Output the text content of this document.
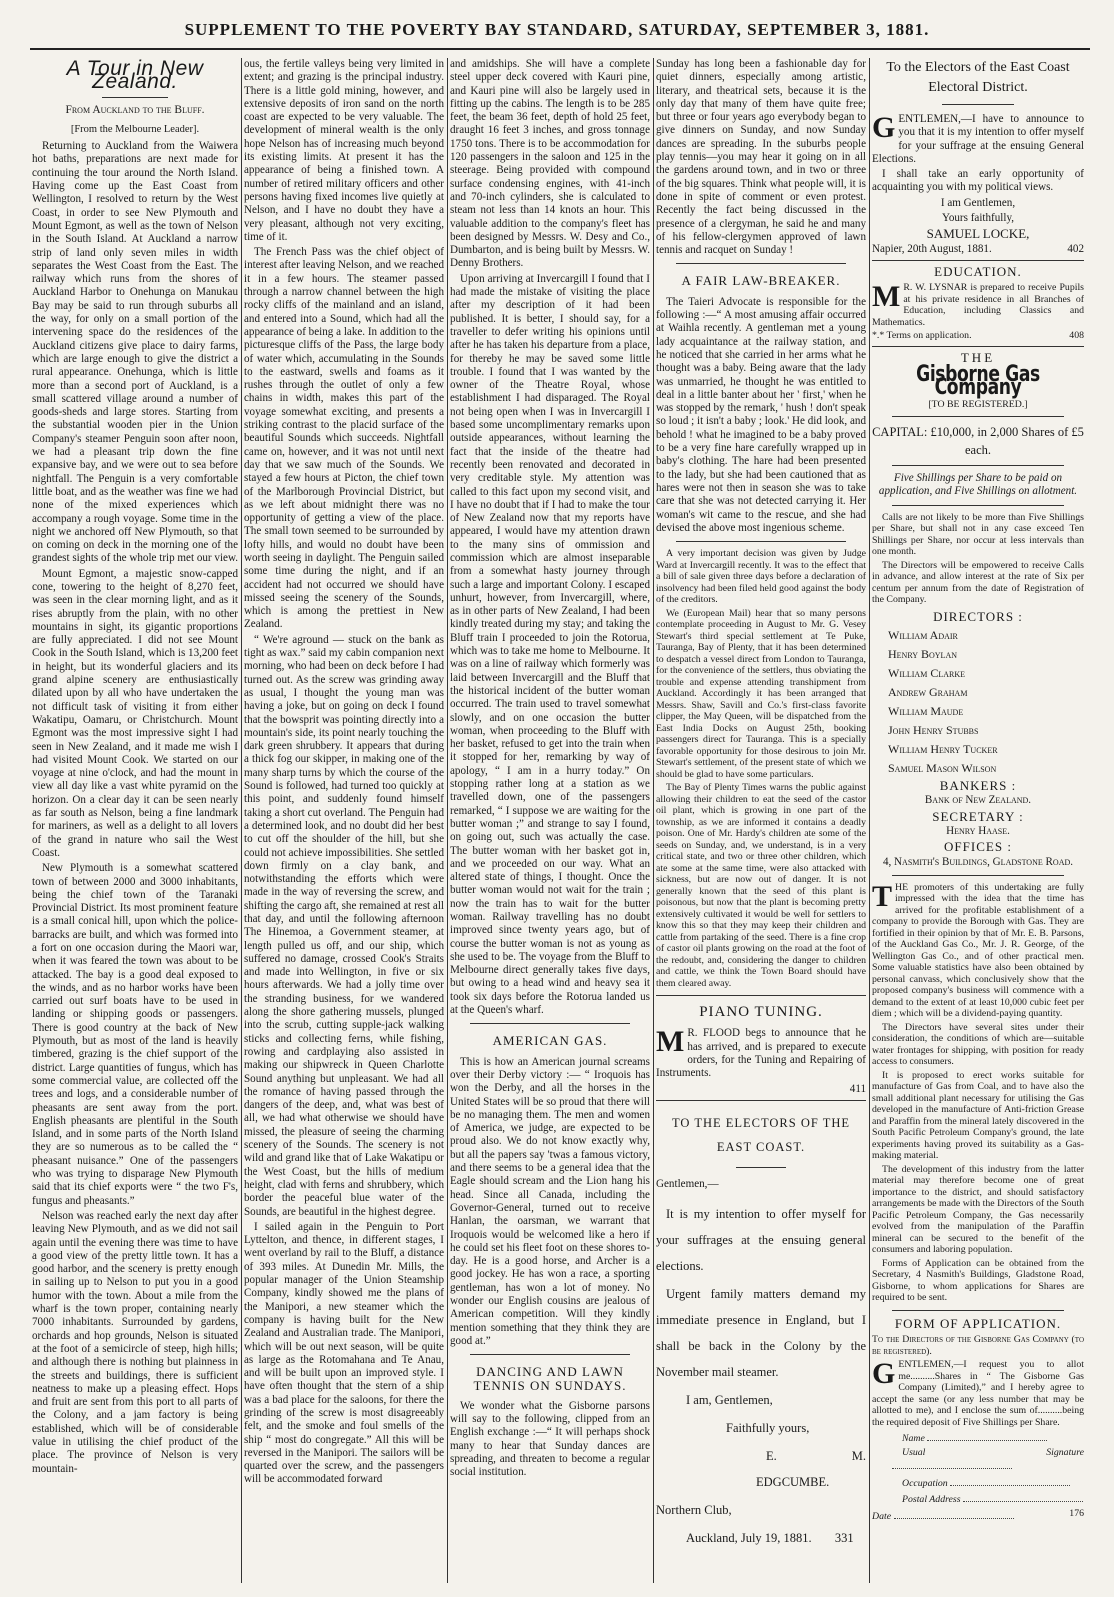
SUPPLEMENT TO THE POVERTY BAY STANDARD, SATURDAY, SEPTEMBER 3, 1881.
A Tour in New Zealand.

From Auckland to the Bluff.

[From the Melbourne Leader].

Returning to Auckland from the Waiwera hot baths, preparations are next made for continuing the tour around the North Island. Having come up the East Coast from Wellington, I resolved to return by the West Coast, in order to see New Plymouth and Mount Egmont, as well as the town of Nelson in the South Island. At Auckland a narrow strip of land only seven miles in width separates the West Coast from the East. The railway which runs from the shores of Auckland Harbor to Onehunga on Manukau Bay may be said to run through suburbs all the way, for only on a small portion of the intervening space do the residences of the Auckland citizens give place to dairy farms, which are large enough to give the district a rural appearance. Onehunga, which is little more than a second port of Auckland, is a small scattered village around a number of goods-sheds and large stores. Starting from the substantial wooden pier in the Union Company's steamer Penguin soon after noon, we had a pleasant trip down the fine expansive bay, and we were out to sea before nightfall. The Penguin is a very comfortable little boat, and as the weather was fine we had none of the mixed experiences which accompany a rough voyage. Some time in the night we anchored off New Plymouth, so that on coming on deck in the morning one of the grandest sights of the whole trip met our view.

Mount Egmont, a majestic snow-capped cone, towering to the height of 8,270 feet, was seen in the clear morning light, and as it rises abruptly from the plain, with no other mountains in sight, its gigantic proportions are fully appreciated. I did not see Mount Cook in the South Island, which is 13,200 feet in height, but its wonderful glaciers and its grand alpine scenery are enthusiastically dilated upon by all who have undertaken the not difficult task of visiting it from either Wakatipu, Oamaru, or Christchurch. Mount Egmont was the most impressive sight I had seen in New Zealand, and it made me wish I had visited Mount Cook. We started on our voyage at nine o'clock, and had the mount in view all day like a vast white pyramid on the horizon. On a clear day it can be seen nearly as far south as Nelson, being a fine landmark for mariners, as well as a delight to all lovers of the grand in nature who sail the West Coast.

New Plymouth is a somewhat scattered town of between 2000 and 3000 inhabitants, being the chief town of the Taranaki Provincial District. Its most prominent feature is a small conical hill, upon which the police-barracks are built, and which was formed into a fort on one occasion during the Maori war, when it was feared the town was about to be attacked. The bay is a good deal exposed to the winds, and as no harbor works have been carried out surf boats have to be used in landing or shipping goods or passengers. There is good country at the back of New Plymouth, but as most of the land is heavily timbered, grazing is the chief support of the district. Large quantities of fungus, which has some commercial value, are collected off the trees and logs, and a considerable number of pheasants are sent away from the port. English pheasants are plentiful in the South Island, and in some parts of the North Island they are so numerous as to be called the “ pheasant nuisance.” One of the passengers who was trying to disparage New Plymouth said that its chief exports were “ the two F's, fungus and pheasants.”

Nelson was reached early the next day after leaving New Plymouth, and as we did not sail again until the evening there was time to have a good view of the pretty little town. It has a good harbor, and the scenery is pretty enough in sailing up to Nelson to put you in a good humor with the town. About a mile from the wharf is the town proper, containing nearly 7000 inhabitants. Surrounded by gardens, orchards and hop grounds, Nelson is situated at the foot of a semicircle of steep, high hills; and although there is nothing but plainness in the streets and buildings, there is sufficient neatness to make up a pleasing effect. Hops and fruit are sent from this port to all parts of the Colony, and a jam factory is being established, which will be of considerable value in utilising the chief product of the place. The province of Nelson is very mountain-

ous, the fertile valleys being very limited in extent; and grazing is the principal industry. There is a little gold mining, however, and extensive deposits of iron sand on the north coast are expected to be very valuable. The development of mineral wealth is the only hope Nelson has of increasing much beyond its existing limits. At present it has the appearance of being a finished town. A number of retired military officers and other persons having fixed incomes live quietly at Nelson, and I have no doubt they have a very pleasant, although not very exciting, time of it.

The French Pass was the chief object of interest after leaving Nelson, and we reached it in a few hours. The steamer passed through a narrow channel between the high rocky cliffs of the mainland and an island, and entered into a Sound, which had all the appearance of being a lake. In addition to the picturesque cliffs of the Pass, the large body of water which, accumulating in the Sounds to the eastward, swells and foams as it rushes through the outlet of only a few chains in width, makes this part of the voyage somewhat exciting, and presents a striking contrast to the placid surface of the beautiful Sounds which succeeds. Nightfall came on, however, and it was not until next day that we saw much of the Sounds. We stayed a few hours at Picton, the chief town of the Marlborough Provincial District, but as we left about midnight there was no opportunity of getting a view of the place. The small town seemed to be surrounded by lofty hills, and would no doubt have been worth seeing in daylight. The Penguin sailed some time during the night, and if an accident had not occurred we should have missed seeing the scenery of the Sounds, which is among the prettiest in New Zealand.

“ We're aground — stuck on the bank as tight as wax.” said my cabin companion next morning, who had been on deck before I had turned out. As the screw was grinding away as usual, I thought the young man was having a joke, but on going on deck I found that the bowsprit was pointing directly into a mountain's side, its point nearly touching the dark green shrubbery. It appears that during a thick fog our skipper, in making one of the many sharp turns by which the course of the Sound is followed, had turned too quickly at this point, and suddenly found himself taking a short cut overland. The Penguin had a determined look, and no doubt did her best to cut off the shoulder of the hill, but she could not achieve impossibilities. She settled down firmly on a clay bank, and notwithstanding the efforts which were made in the way of reversing the screw, and shifting the cargo aft, she remained at rest all that day, and until the following afternoon The Hinemoa, a Government steamer, at length pulled us off, and our ship, which suffered no damage, crossed Cook's Straits and made into Wellington, in five or six hours afterwards. We had a jolly time over the stranding business, for we wandered along the shore gathering mussels, plunged into the scrub, cutting supple-jack walking sticks and collecting ferns, while fishing, rowing and cardplaying also assisted in making our shipwreck in Queen Charlotte Sound anything but unpleasant. We had all the romance of having passed through the dangers of the deep, and, what was best of all, we had what otherwise we should have missed, the pleasure of seeing the charming scenery of the Sounds. The scenery is not wild and grand like that of Lake Wakatipu or the West Coast, but the hills of medium height, clad with ferns and shrubbery, which border the peaceful blue water of the Sounds, are beautiful in the highest degree.

I sailed again in the Penguin to Port Lyttelton, and thence, in different stages, I went overland by rail to the Bluff, a distance of 393 miles. At Dunedin Mr. Mills, the popular manager of the Union Steamship Company, kindly showed me the plans of the Manipori, a new steamer which the company is having built for the New Zealand and Australian trade. The Manipori, which will be out next season, will be quite as large as the Rotomahana and Te Anau, and will be built upon an improved style. I have often thought that the stern of a ship was a bad place for the saloons, for there the grinding of the screw is most disagreeably felt, and the smoke and foul smells of the ship “ most do congregate.” All this will be reversed in the Manipori. The sailors will be quarted over the screw, and the passengers will be accommodated forward

and amidships. She will have a complete steel upper deck covered with Kauri pine, and Kauri pine will also be largely used in fitting up the cabins. The length is to be 285 feet, the beam 36 feet, depth of hold 25 feet, draught 16 feet 3 inches, and gross tonnage 1750 tons. There is to be accommodation for 120 passengers in the saloon and 125 in the steerage. Being provided with compound surface condensing engines, with 41-inch and 70-inch cylinders, she is calculated to steam not less than 14 knots an hour. This valuable addition to the company's fleet has been designed by Messrs. W. Desy and Co., Dumbarton, and is being built by Messrs. W. Denny Brothers.

Upon arriving at Invercargill I found that I had made the mistake of visiting the place after my description of it had been published. It is better, I should say, for a traveller to defer writing his opinions until after he has taken his departure from a place, for thereby he may be saved some little trouble. I found that I was wanted by the owner of the Theatre Royal, whose establishment I had disparaged. The Royal not being open when I was in Invercargill I based some uncomplimentary remarks upon outside appearances, without learning the fact that the inside of the theatre had recently been renovated and decorated in very creditable style. My attention was called to this fact upon my second visit, and I have no doubt that if I had to make the tour of New Zealand now that my reports have appeared, I would have my attention drawn to the many sins of ommission and commission which are almost inseparable from a somewhat hasty journey through such a large and important Colony. I escaped unhurt, however, from Invercargill, where, as in other parts of New Zealand, I had been kindly treated during my stay; and taking the Bluff train I proceeded to join the Rotorua, which was to take me home to Melbourne. It was on a line of railway which formerly was laid between Invercargill and the Bluff that the historical incident of the butter woman occurred. The train used to travel somewhat slowly, and on one occasion the butter woman, when proceeding to the Bluff with her basket, refused to get into the train when it stopped for her, remarking by way of apology, “ I am in a hurry today.” On stopping rather long at a station as we travelled down, one of the passengers remarked, “ I suppose we are waiting for the butter woman ;” and strange to say I found, on going out, such was actually the case. The butter woman with her basket got in, and we proceeded on our way. What an altered state of things, I thought. Once the butter woman would not wait for the train ; now the train has to wait for the butter woman. Railway travelling has no doubt improved since twenty years ago, but of course the butter woman is not as young as she used to be. The voyage from the Bluff to Melbourne direct generally takes five days, but owing to a head wind and heavy sea it took six days before the Rotorua landed us at the Queen's wharf.

AMERICAN GAS.

This is how an American journal screams over their Derby victory :— “ Iroquois has won the Derby, and all the horses in the United States will be so proud that there will be no managing them. The men and women of America, we judge, are expected to be proud also. We do not know exactly why, but all the papers say 'twas a famous victory, and there seems to be a general idea that the Eagle should scream and the Lion hang his head. Since all Canada, including the Governor-General, turned out to receive Hanlan, the oarsman, we warrant that Iroquois would be welcomed like a hero if he could set his fleet foot on these shores to-day. He is a good horse, and Archer is a good jockey. He has won a race, a sporting gentleman, has won a lot of money. No wonder our English cousins are jealous of American competition. Will they kindly mention something that they think they are good at.”

DANCING AND LAWN TENNIS ON SUNDAYS.

We wonder what the Gisborne parsons will say to the following, clipped from an English exchange :—“ It will perhaps shock many to hear that Sunday dances are spreading, and threaten to become a regular social institution.

Sunday has long been a fashionable day for quiet dinners, especially among artistic, literary, and theatrical sets, because it is the only day that many of them have quite free; but three or four years ago everybody began to give dinners on Sunday, and now Sunday dances are spreading. In the suburbs people play tennis—you may hear it going on in all the gardens around town, and in two or three of the big squares. Think what people will, it is done in spite of comment or even protest. Recently the fact being discussed in the presence of a clergyman, he said he and many of his fellow-clergymen approved of lawn tennis and racquet on Sunday !

A FAIR LAW-BREAKER.

The Taieri Advocate is responsible for the following :—“ A most amusing affair occurred at Waihla recently. A gentleman met a young lady acquaintance at the railway station, and he noticed that she carried in her arms what he thought was a baby. Being aware that the lady was unmarried, he thought he was entitled to deal in a little banter about her ' first,' when he was stopped by the remark, ' hush ! don't speak so loud ; it isn't a baby ; look.' He did look, and behold ! what he imagined to be a baby proved to be a very fine hare carefully wrapped up in baby's clothing. The hare had been presented to the lady, but she had been cautioned that as hares were not then in season she was to take care that she was not detected carrying it. Her woman's wit came to the rescue, and she had devised the above most ingenious scheme.

A very important decision was given by Judge Ward at Invercargill recently. It was to the effect that a bill of sale given three days before a declaration of insolvency had been filed held good against the body of the creditors.

We (European Mail) hear that so many persons contemplate proceeding in August to Mr. G. Vesey Stewart's third special settlement at Te Puke, Tauranga, Bay of Plenty, that it has been determined to despatch a vessel direct from London to Tauranga, for the convenience of the settlers, thus obviating the trouble and expense attending transhipment from Auckland. Accordingly it has been arranged that Messrs. Shaw, Savill and Co.'s first-class favorite clipper, the May Queen, will be dispatched from the East India Docks on August 25th, booking passengers direct for Tauranga. This is a specially favorable opportunity for those desirous to join Mr. Stewart's settlement, of the present state of which we should be glad to have some particulars.

The Bay of Plenty Times warns the public against allowing their children to eat the seed of the castor oil plant, which is growing in one part of the township, as we are informed it contains a deadly poison. One of Mr. Hardy's children ate some of the seeds on Sunday, and, we understand, is in a very critical state, and two or three other children, which ate some at the same time, were also attacked with sickness, but are now out of danger. It is not generally known that the seed of this plant is poisonous, but now that the plant is becoming pretty extensively cultivated it would be well for settlers to know this so that they may keep their children and cattle from partaking of the seed. There is a fine crop of castor oil plants growing on the road at the foot of the redoubt, and, considering the danger to children and cattle, we think the Town Board should have them cleared away.

PIANO TUNING.

M R. FLOOD begs to announce that he has arrived, and is prepared to execute orders, for the Tuning and Repairing of Instruments.

411

TO THE ELECTORS OF THE EAST COAST.

Gentlemen,—

It is my intention to offer myself for your suffrages at the ensuing general elections.

Urgent family matters demand my immediate presence in England, but I shall be back in the Colony by the November mail steamer.

I am, Gentlemen,

Faithfully yours,

E. M. EDGCUMBE.

Northern Club,

Auckland, July 19, 1881. 331

To the Electors of the East Coast Electoral District.

GENTLEMEN,—I have to announce to you that it is my intention to offer myself for your suffrage at the ensuing General Elections.

I shall take an early opportunity of acquainting you with my political views.

I am Gentlemen,

Yours faithfully,

SAMUEL LOCKE,

Napier, 20th August, 1881.	402

EDUCATION.

M R. W. LYSNAR is prepared to receive Pupils at his private residence in all Branches of Education, including Classics and Mathematics.

*.* Terms on application.	408

THE

Gisborne Gas Company

[TO BE REGISTERED.]

CAPITAL: £10,000, in 2,000 Shares of £5 each.

Five Shillings per Share to be paid on application, and Five Shillings on allotment.

Calls are not likely to be more than Five Shillings per Share, but shall not in any case exceed Ten Shillings per Share, nor occur at less intervals than one month.

The Directors will be empowered to receive Calls in advance, and allow interest at the rate of Six per centum per annum from the date of Registration of the Company.

DIRECTORS :

William Adair

Henry Boylan

William Clarke

Andrew Graham

William Maude

John Henry Stubbs

William Henry Tucker

Samuel Mason Wilson

BANKERS :

Bank of New Zealand.

SECRETARY :

Henry Haase.

OFFICES :

4, Nasmith's Buildings, Gladstone Road.

THE promoters of this undertaking are fully impressed with the idea that the time has arrived for the profitable establishment of a company to provide the Borough with Gas. They are fortified in their opinion by that of Mr. E. B. Parsons, of the Auckland Gas Co., Mr. J. R. George, of the Wellington Gas Co., and of other practical men. Some valuable statistics have also been obtained by personal canvass, which conclusively show that the proposed company's business will commence with a demand to the extent of at least 10,000 cubic feet per diem ; which will be a dividend-paying quantity.

The Directors have several sites under their consideration, the conditions of which are—suitable water frontages for shipping, with position for ready access to consumers.

It is proposed to erect works suitable for manufacture of Gas from Coal, and to have also the small additional plant necessary for utilising the Gas developed in the manufacture of Anti-friction Grease and Paraffin from the mineral lately discovered in the South Pacific Petroleum Company's ground, the late experiments having proved its suitability as a Gas-making material.

The development of this industry from the latter material may therefore become one of great importance to the district, and should satisfactory arrangements be made with the Directors of the South Pacific Petroleum Company, the Gas necessarily evolved from the manipulation of the Paraffin mineral can be secured to the benefit of the consumers and laboring population.

Forms of Application can be obtained from the Secretary, 4 Nasmith's Buildings, Gladstone Road, Gisborne, to whom applications for Shares are required to be sent.

FORM OF APPLICATION.

To the Directors of the Gisborne Gas Company (to be registered).

GENTLEMEN,—I request you to allot me..........Shares in “ The Gisborne Gas Company (Limited),” and I hereby agree to accept the same (or any less number that may be allotted to me), and I enclose the sum of..........being the required deposit of Five Shillings per Share.

Name

Usual Signature

Occupation

Postal Address

Date	176
